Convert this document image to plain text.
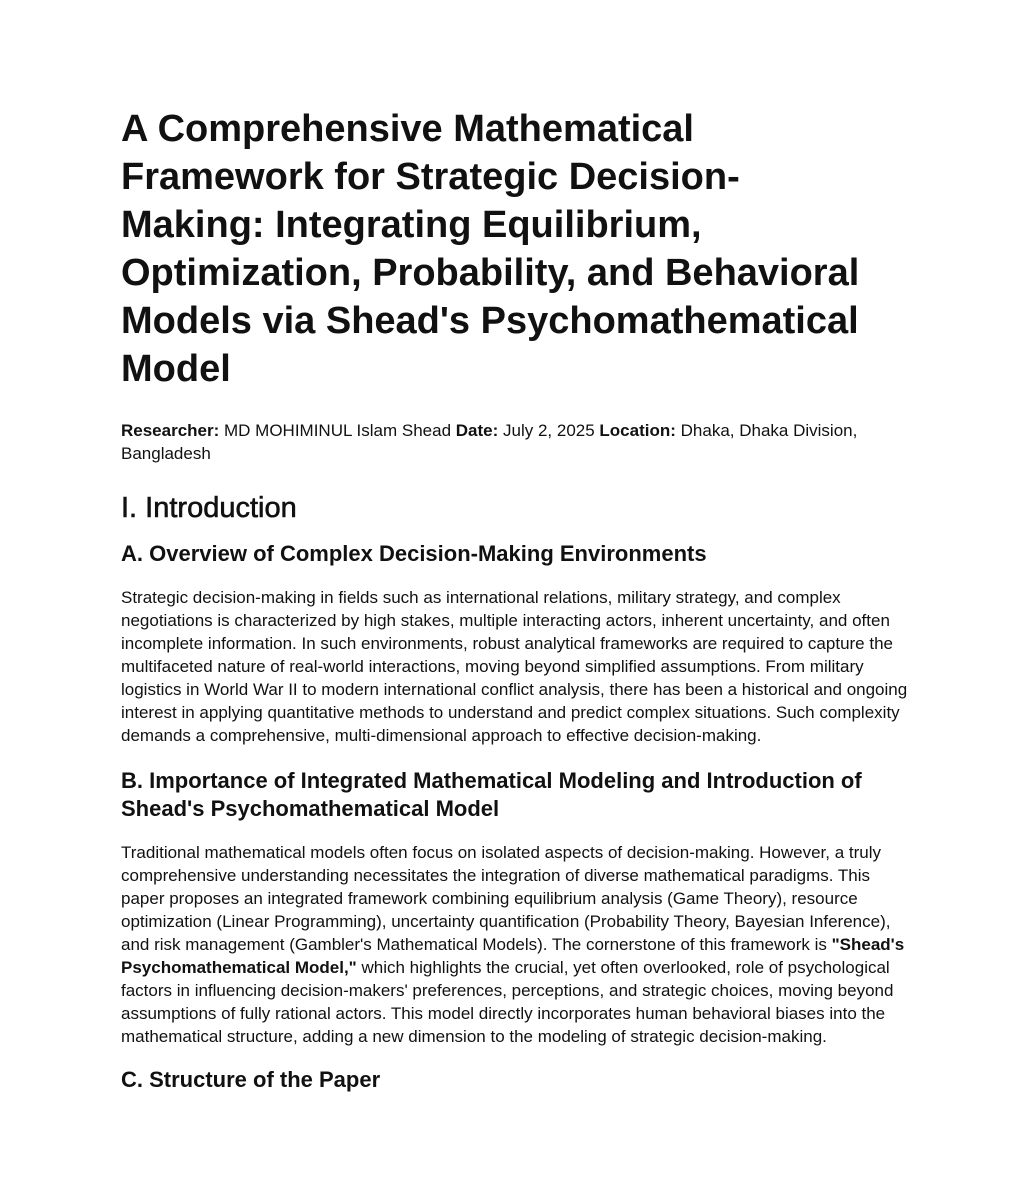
A Comprehensive Mathematical Framework for Strategic Decision-Making: Integrating Equilibrium, Optimization, Probability, and Behavioral Models via Shead's Psychomathematical Model

Researcher: MD MOHIMINUL Islam Shead Date: July 2, 2025 Location: Dhaka, Dhaka Division, Bangladesh

I. Introduction
A. Overview of Complex Decision-Making Environments

Strategic decision-making in fields such as international relations, military strategy, and complex negotiations is characterized by high stakes, multiple interacting actors, inherent uncertainty, and often incomplete information. In such environments, robust analytical frameworks are required to capture the multifaceted nature of real-world interactions, moving beyond simplified assumptions. From military logistics in World War II to modern international conflict analysis, there has been a historical and ongoing interest in applying quantitative methods to understand and predict complex situations. Such complexity demands a comprehensive, multi-dimensional approach to effective decision-making.

B. Importance of Integrated Mathematical Modeling and Introduction of Shead's Psychomathematical Model

Traditional mathematical models often focus on isolated aspects of decision-making. However, a truly comprehensive understanding necessitates the integration of diverse mathematical paradigms. This paper proposes an integrated framework combining equilibrium analysis (Game Theory), resource optimization (Linear Programming), uncertainty quantification (Probability Theory, Bayesian Inference), and risk management (Gambler's Mathematical Models). The cornerstone of this framework is "Shead's Psychomathematical Model," which highlights the crucial, yet often overlooked, role of psychological factors in influencing decision-makers' preferences, perceptions, and strategic choices, moving beyond assumptions of fully rational actors. This model directly incorporates human behavioral biases into the mathematical structure, adding a new dimension to the modeling of strategic decision-making.

C. Structure of the Paper
